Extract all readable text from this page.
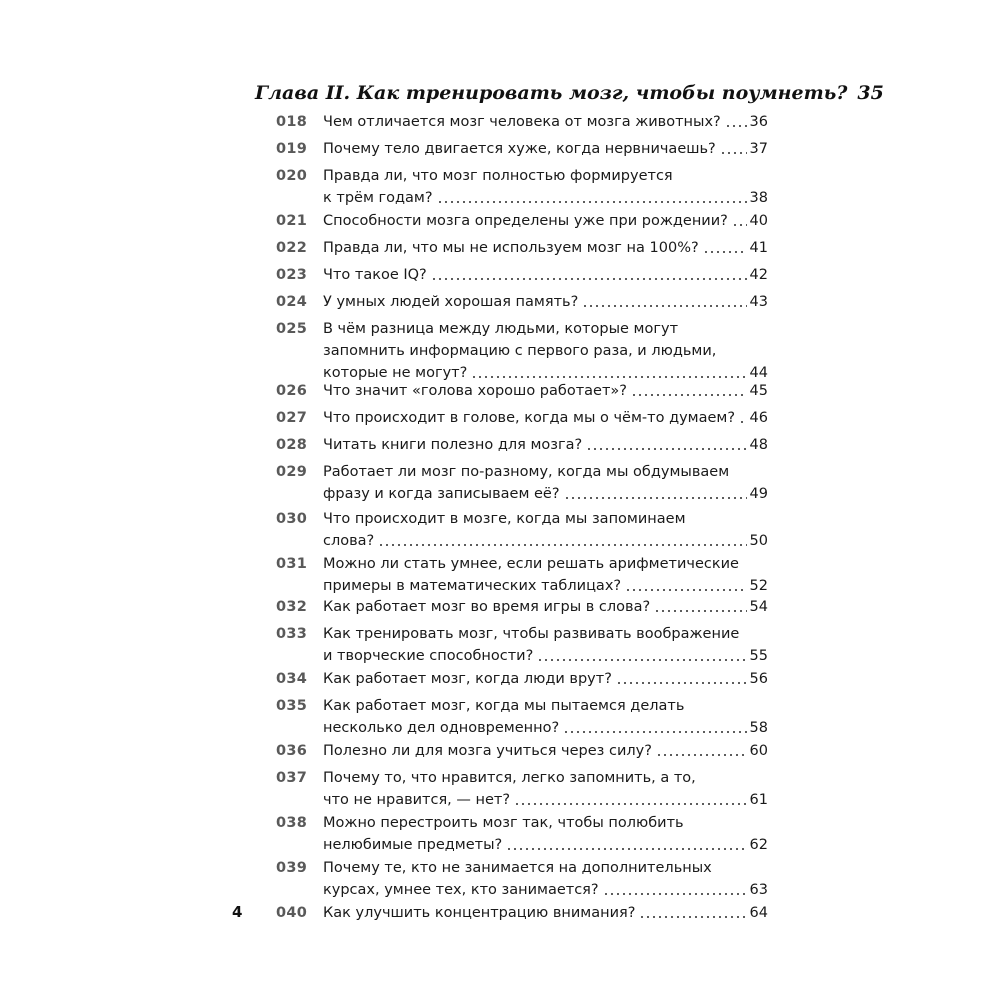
Глава II. Как тренировать мозг, чтобы поумнеть? 35
018 Чем отличается мозг человека от мозга животных? 36
019 Почему тело двигается хуже, когда нервничаешь? 37
020 Правда ли, что мозг полностью формируется
к трём годам?	38
021 Способности мозга определены уже при рождении? 40
022 Правда ли, что мы не используем мозг на 100%?	41
023 Что такое IQ?	42
024 У умных людей хорошая память?	43
025 В чём разница между людьми, которые могут
запомнить информацию с первого раза, и людьми,
которые не могут?	44
026 Что значит «голова хорошо работает»?	45
027 Что происходит в голове, когда мы о чём-то думаем? 46
028 Читать книги полезно для мозга?	48
029 Работает ли мозг по-разному, когда мы обдумываем
фразу и когда записываем её?	49
030 Что происходит в мозге, когда мы запоминаем
слова?	50
031 Можно ли стать умнее, если решать арифметические
примеры в математических таблицах?	52
032 Как работает мозг во время игры в слова?	54
033 Как тренировать мозг, чтобы развивать воображение
и творческие способности?	55
034 Как работает мозг, когда люди врут?	56
035 Как работает мозг, когда мы пытаемся делать
несколько дел одновременно?	58
036 Полезно ли для мозга учиться через силу?	60
037 Почему то, что нравится, легко запомнить, а то,
что не нравится, — нет?	61
038 Можно перестроить мозг так, чтобы полюбить
нелюбимые предметы?	62
039 Почему те, кто не занимается на дополнительных
курсах, умнее тех, кто занимается?	63
040 Как улучшить концентрацию внимания?	64
4
